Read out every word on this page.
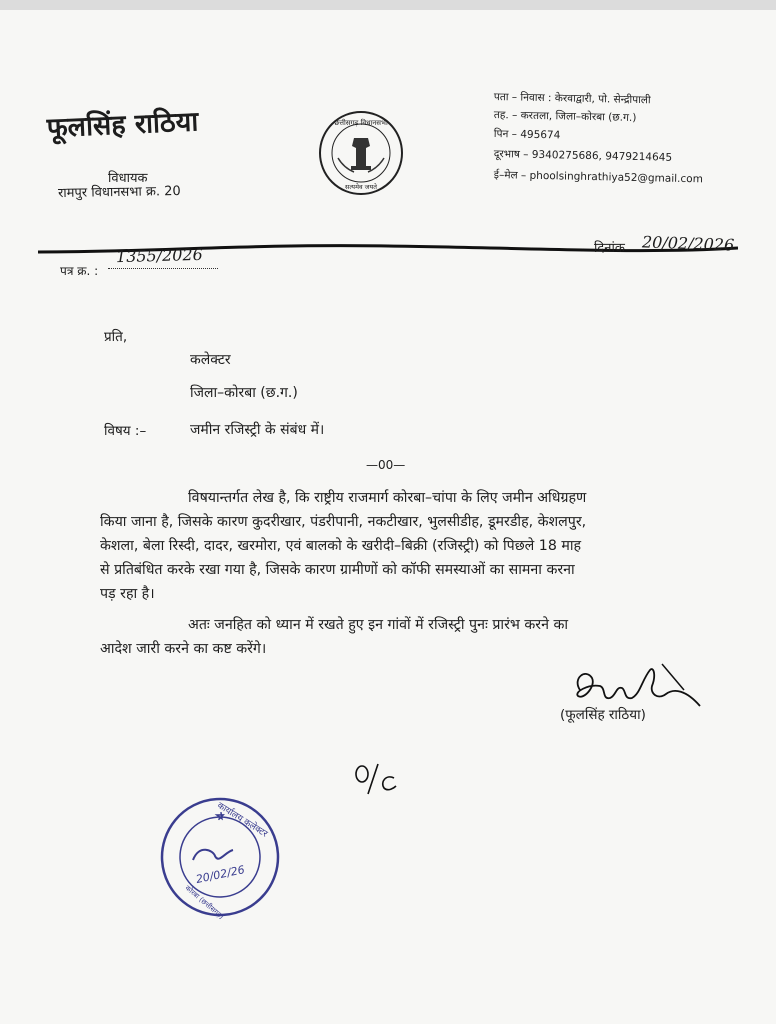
फूलसिंह राठिया
विधायक
रामपुर विधानसभा क्र. 20
छत्तीसगढ़ विधानसभा
सत्यमेव जयते
पता – निवास : केरवाद्वारी, पो. सेन्द्रीपाली
तह. – करतला, जिला–कोरबा (छ.ग.)
पिन – 495674
दूरभाष – 9340275686, 9479214645
ई–मेल – phoolsinghrathiya52@gmail.com
पत्र क्र. :
1355/2026	दिनांक 20/02/2026
प्रति,
कलेक्टर
जिला–कोरबा (छ.ग.)
विषय :–	जमीन रजिस्ट्री के संबंध में।
—00—
विषयान्तर्गत लेख है, कि राष्ट्रीय राजमार्ग कोरबा–चांपा के लिए जमीन अधिग्रहण
किया जाना है, जिसके कारण कुदरीखार, पंडरीपानी, नकटीखार, भुलसीडीह, डूमरडीह, केशलपुर,
केशला, बेला रिस्दी, दादर, खरमोरा, एवं बालको के खरीदी–बिक्री (रजिस्ट्री) को पिछले 18 माह
से प्रतिबंधित करके रखा गया है, जिसके कारण ग्रामीणों को कॉफी समस्याओं का सामना करना
पड़ रहा है।
अतः जनहित को ध्यान में रखते हुए इन गांवों में रजिस्ट्री पुनः प्रारंभ करने का
आदेश जारी करने का कष्ट करेंगे।
(फूलसिंह राठिया)
20/02/26
कार्यालय कलेक्टर
कोरबा (छत्तीसगढ़)
